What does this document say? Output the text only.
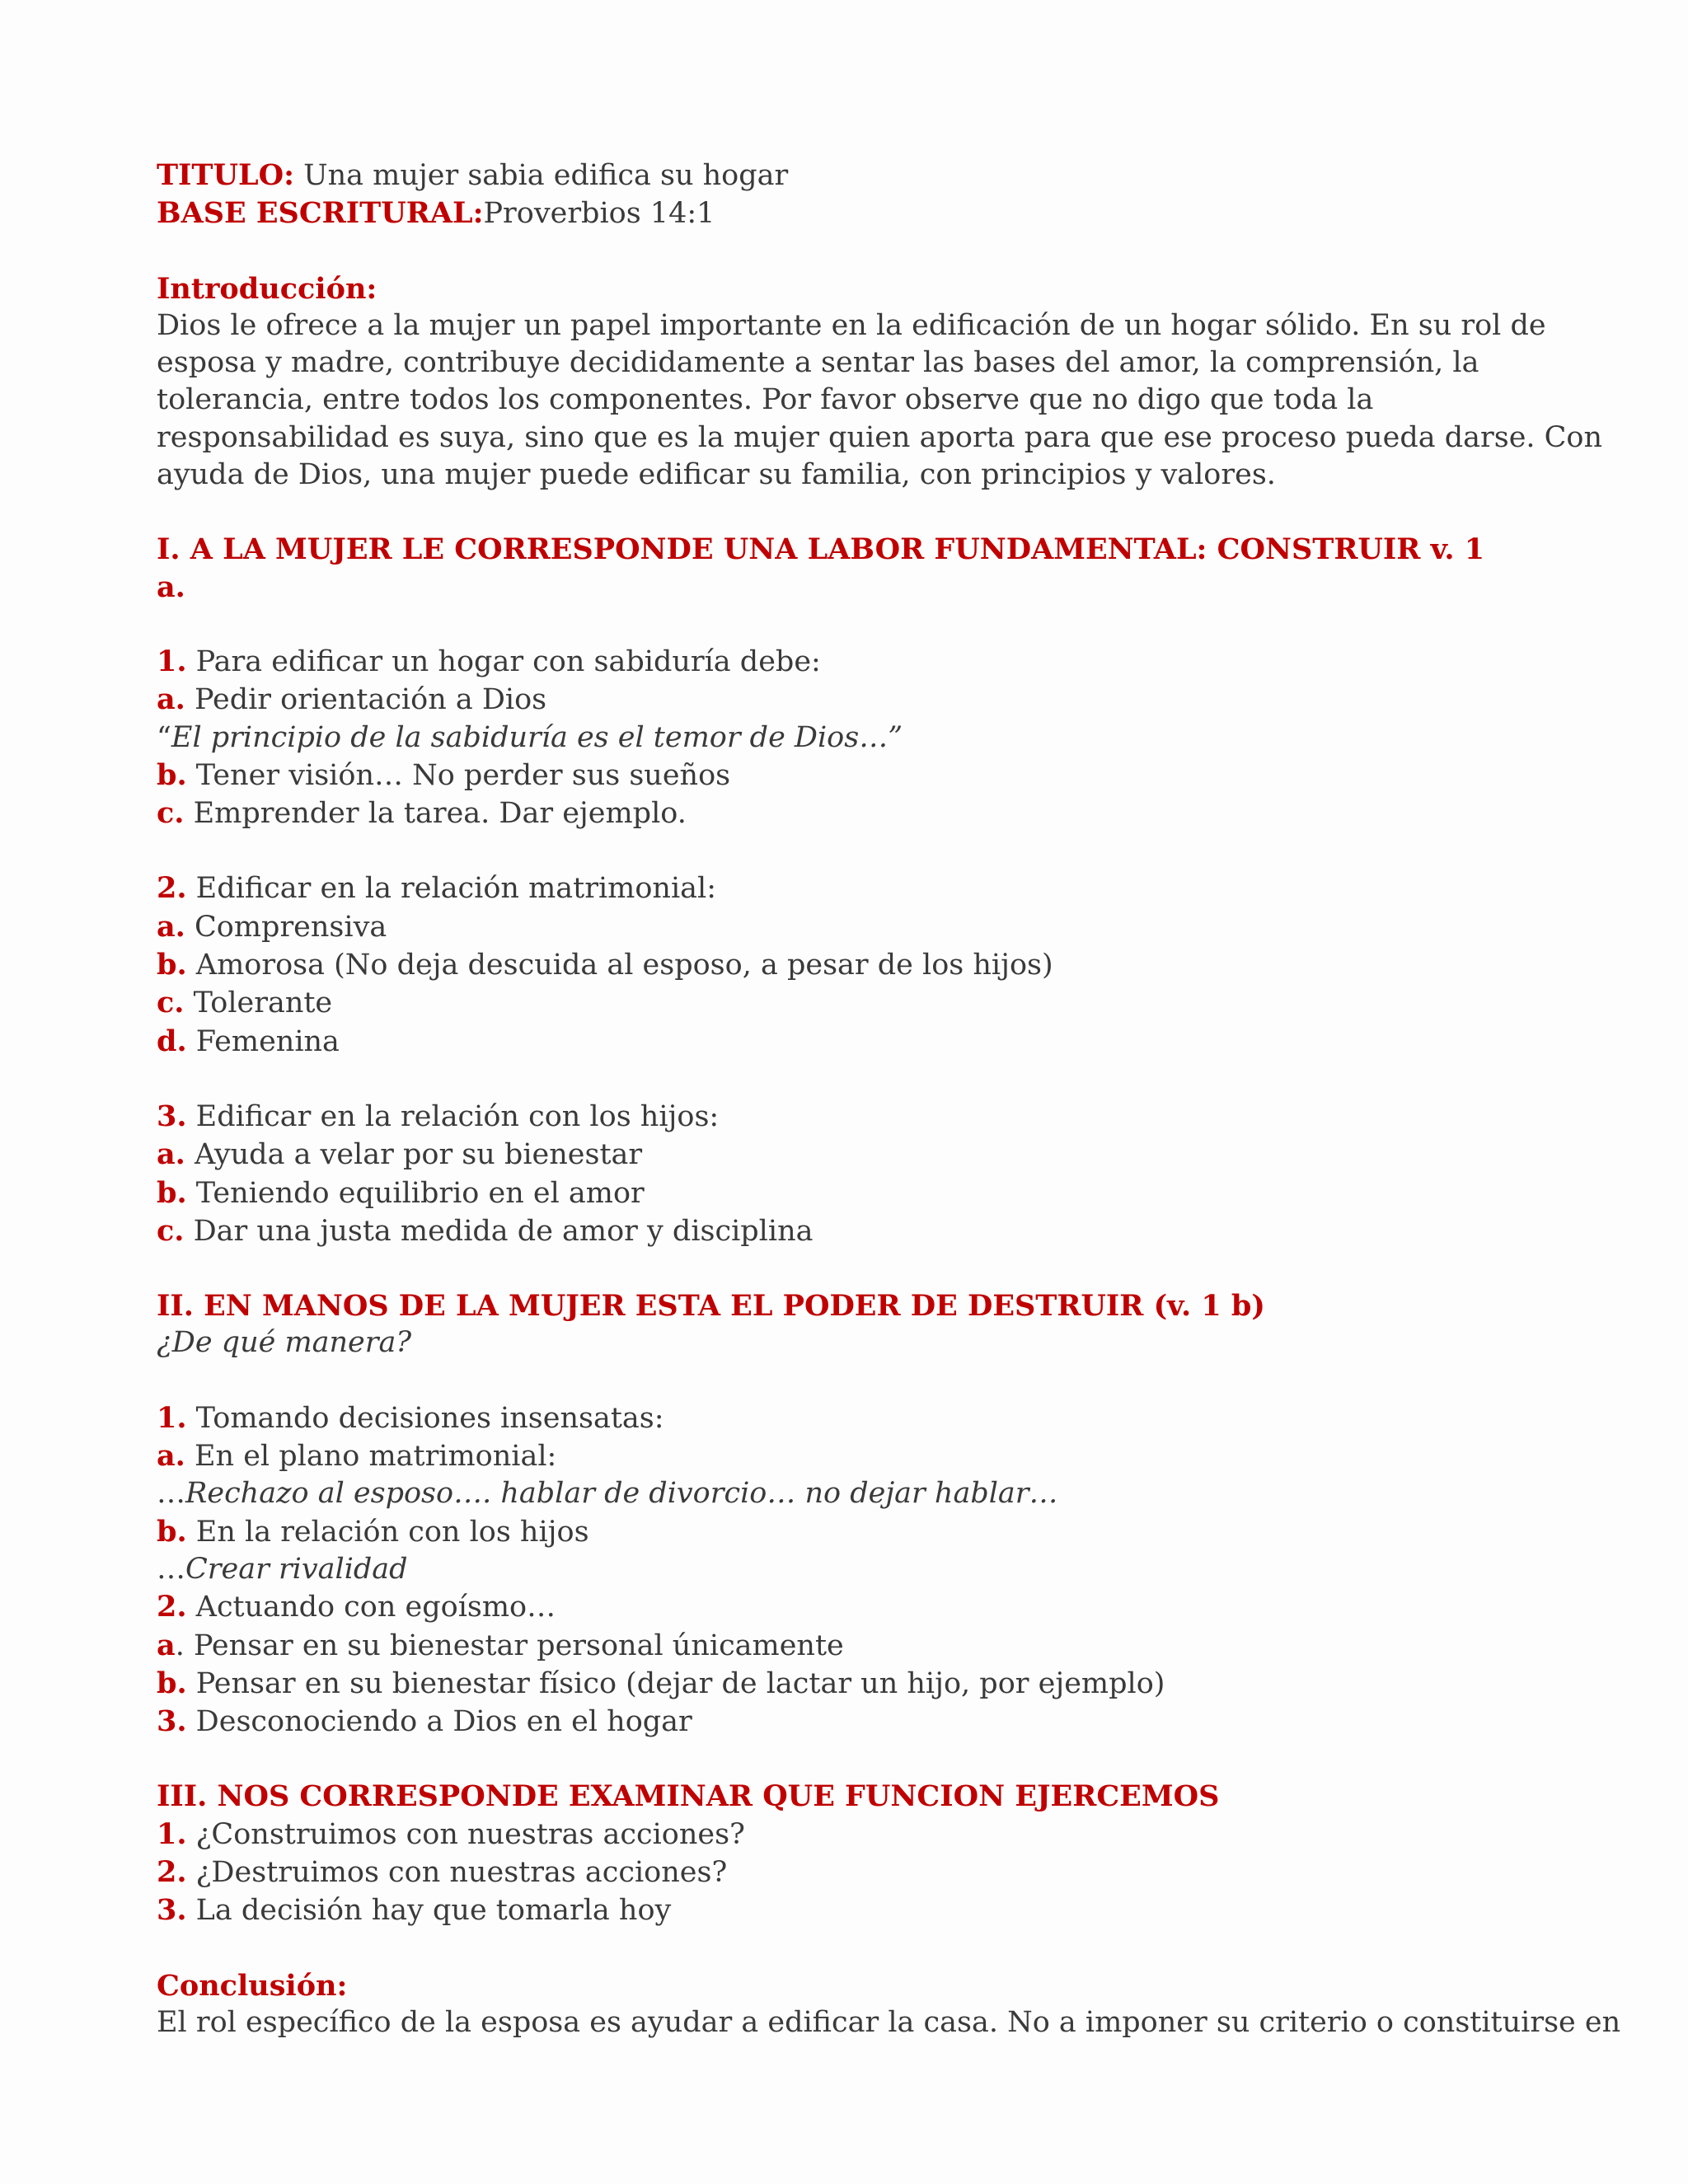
TITULO: Una mujer sabia edifica su hogar
BASE ESCRITURAL:Proverbios 14:1
Introducción:
Dios le ofrece a la mujer un papel importante en la edificación de un hogar sólido. En su rol de
esposa y madre, contribuye decididamente a sentar las bases del amor, la comprensión, la
tolerancia, entre todos los componentes. Por favor observe que no digo que toda la
responsabilidad es suya, sino que es la mujer quien aporta para que ese proceso pueda darse. Con
ayuda de Dios, una mujer puede edificar su familia, con principios y valores.
I. A LA MUJER LE CORRESPONDE UNA LABOR FUNDAMENTAL: CONSTRUIR v. 1
a.
1. Para edificar un hogar con sabiduría debe:
a. Pedir orientación a Dios
“El principio de la sabiduría es el temor de Dios…”
b. Tener visión… No perder sus sueños
c. Emprender la tarea. Dar ejemplo.
2. Edificar en la relación matrimonial:
a. Comprensiva
b. Amorosa (No deja descuida al esposo, a pesar de los hijos)
c. Tolerante
d. Femenina
3. Edificar en la relación con los hijos:
a. Ayuda a velar por su bienestar
b. Teniendo equilibrio en el amor
c. Dar una justa medida de amor y disciplina
II. EN MANOS DE LA MUJER ESTA EL PODER DE DESTRUIR (v. 1 b)
¿De qué manera?
1. Tomando decisiones insensatas:
a. En el plano matrimonial:
…Rechazo al esposo…. hablar de divorcio… no dejar hablar…
b. En la relación con los hijos
…Crear rivalidad
2. Actuando con egoísmo…
a. Pensar en su bienestar personal únicamente
b. Pensar en su bienestar físico (dejar de lactar un hijo, por ejemplo)
3. Desconociendo a Dios en el hogar
III. NOS CORRESPONDE EXAMINAR QUE FUNCION EJERCEMOS
1. ¿Construimos con nuestras acciones?
2. ¿Destruimos con nuestras acciones?
3. La decisión hay que tomarla hoy
Conclusión:
El rol específico de la esposa es ayudar a edificar la casa. No a imponer su criterio o constituirse en
